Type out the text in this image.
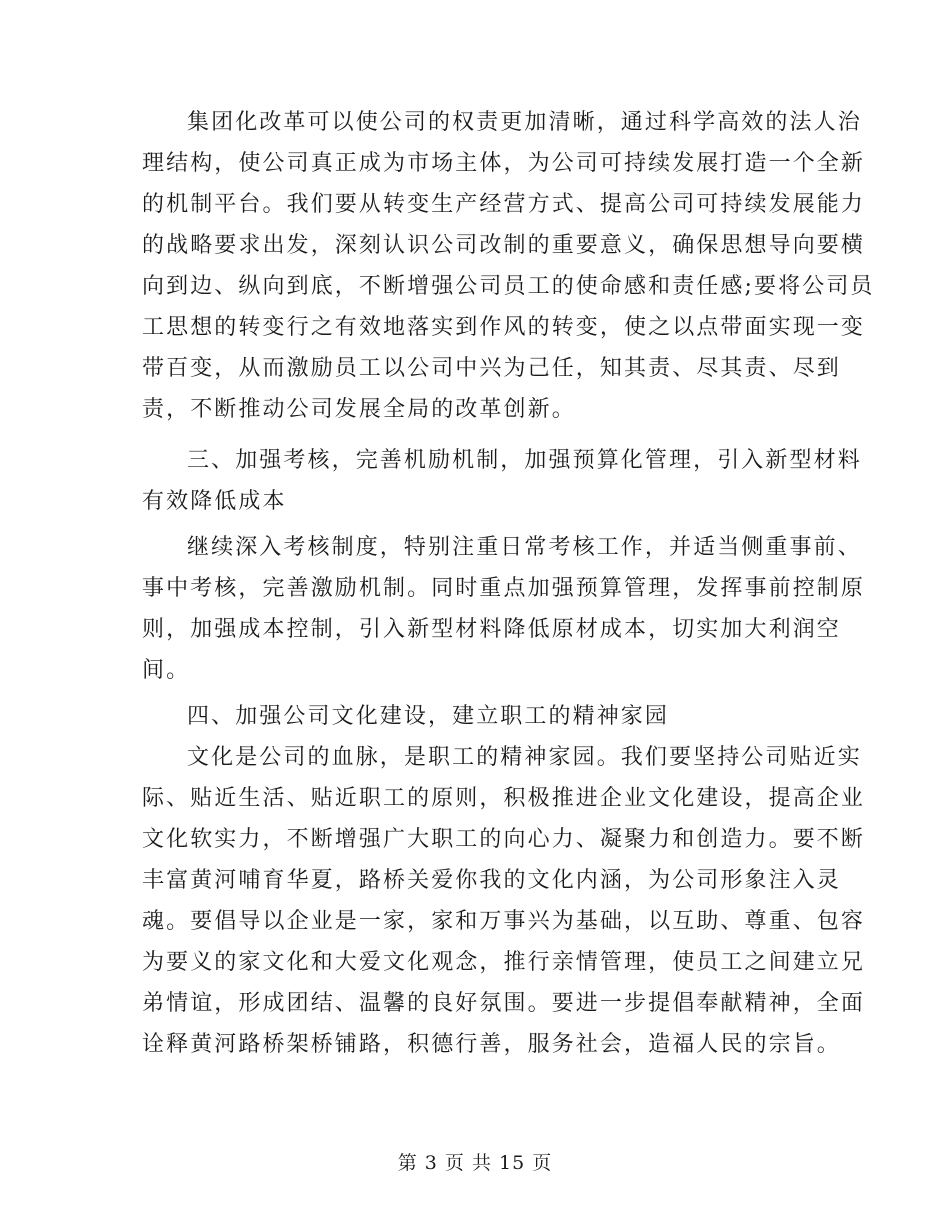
集团化改革可以使公司的权责更加清晰，通过科学高效的法人治
理结构，使公司真正成为市场主体，为公司可持续发展打造一个全新
的机制平台。我们要从转变生产经营方式、提高公司可持续发展能力
的战略要求出发，深刻认识公司改制的重要意义，确保思想导向要横
向到边、纵向到底，不断增强公司员工的使命感和责任感;要将公司员
工思想的转变行之有效地落实到作风的转变，使之以点带面实现一变
带百变，从而激励员工以公司中兴为己任，知其责、尽其责、尽到
责，不断推动公司发展全局的改革创新。
三、加强考核，完善机励机制，加强预算化管理，引入新型材料
有效降低成本
继续深入考核制度，特别注重日常考核工作，并适当侧重事前、
事中考核，完善激励机制。同时重点加强预算管理，发挥事前控制原
则，加强成本控制，引入新型材料降低原材成本，切实加大利润空
间。
四、加强公司文化建设，建立职工的精神家园
文化是公司的血脉，是职工的精神家园。我们要坚持公司贴近实
际、贴近生活、贴近职工的原则，积极推进企业文化建设，提高企业
文化软实力，不断增强广大职工的向心力、凝聚力和创造力。要不断
丰富黄河哺育华夏，路桥关爱你我的文化内涵，为公司形象注入灵
魂。要倡导以企业是一家，家和万事兴为基础，以互助、尊重、包容
为要义的家文化和大爱文化观念，推行亲情管理，使员工之间建立兄
弟情谊，形成团结、温馨的良好氛围。要进一步提倡奉献精神，全面
诠释黄河路桥架桥铺路，积德行善，服务社会，造福人民的宗旨。
第 3 页 共 15 页
